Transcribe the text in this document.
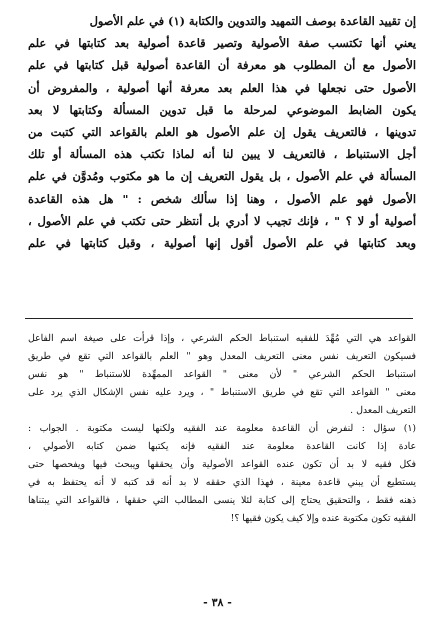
إن تقييد القاعدة بوصف التمهيد والتدوين والكتابة (١) في علم الأصول
يعني أنها تكتسب صفة الأصولية وتصير قاعدة أصولية بعد كتابتها في علم
الأصول مع أن المطلوب هو معرفة أن القاعدة أصولية قبل كتابتها في علم
الأصول حتى نجعلها في هذا العلم بعد معرفة أنها أصولية ، والمفروض أن
يكون الضابط الموضوعي لمرحلة ما قبل تدوين المسألة وكتابتها لا بعد
تدوينها ، فالتعريف يقول إن علم الأصول هو العلم بالقواعد التي كتبت من
أجل الاستنباط ، فالتعريف لا يبين لنا أنه لماذا تكتب هذه المسألة أو تلك
المسألة في علم الأصول ، بل يقول التعريف إن ما هو مكتوب ومُدوَّن في علم
الأصول فهو علم الأصول ، وهنا إذا سألك شخص : " هل هذه القاعدة
أصولية أو لا ؟ " ، فإنك تجيب لا أدري بل أنتظر حتى تكتب في علم الأصول ،
وبعد كتابتها في علم الأصول أقول إنها أصولية ، وقبل كتابتها في علم
القواعد هي التي مُهِّدَ للفقيه استنباط الحكم الشرعي ، وإذا قرأت على صيغة اسم الفاعل
فسيكون التعريف نفس معنى التعريف المعدل وهو " العلم بالقواعد التي تقع في طريق
استنباط الحكم الشرعي " لأن معنى " القواعد الممهِّدة للاستنباط " هو نفس
معنى " القواعد التي تقع في طريق الاستنباط " ، ويرد عليه نفس الإشكال الذي يرد على
التعريف المعدل .
(١) سؤال : لنفرض أن القاعدة معلومة عند الفقيه ولكنها ليست مكتوبة . الجواب :
عادة إذا كانت القاعدة معلومة عند الفقيه فإنه يكتبها ضمن كتابه الأصولي ،
فكل فقيه لا بد أن تكون عنده القواعد الأصولية وأن يحققها ويبحث فيها ويفحصها حتى
يستطيع أن يبني قاعدة معينة ، فهذا الذي حققه لا بد أنه قد كتبه لا أنه يحتفظ به في
ذهنه فقط ، والتحقيق يحتاج إلى كتابة لئلا ينسى المطالب التي حققها ، فالقواعد التي يبتناها
الفقيه تكون مكتوبة عنده وإلا كيف يكون فقيها ؟!
- ٣٨ -
